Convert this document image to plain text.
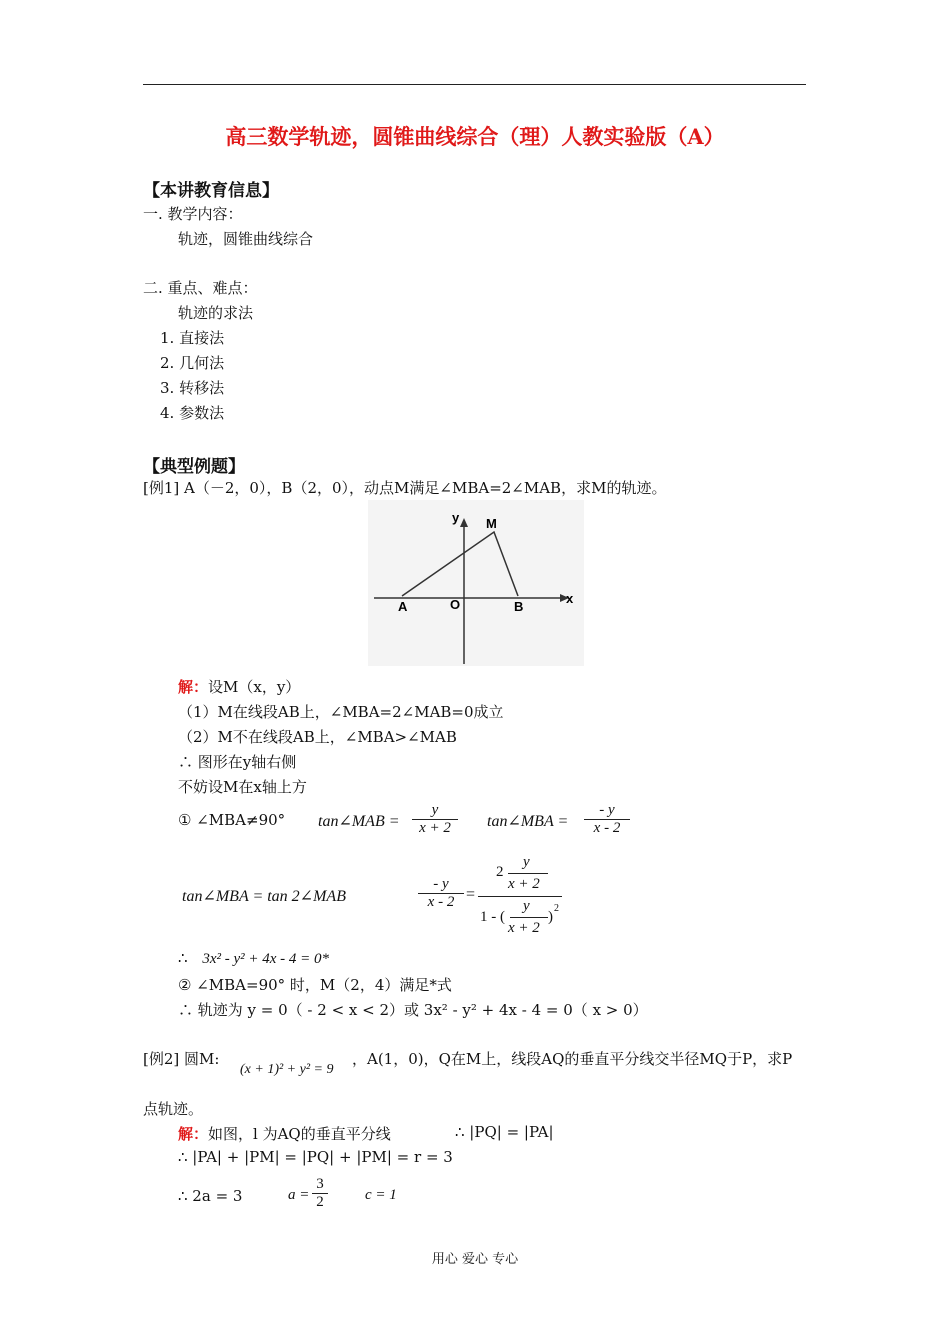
高三数学轨迹，圆锥曲线综合（理）人教实验版（A）
【本讲教育信息】
一. 教学内容：
轨迹，圆锥曲线综合
二. 重点、难点：
轨迹的求法
1. 直接法
2. 几何法
3. 转移法
4. 参数法
【典型例题】
[例1] A（－2，0），B（2，0），动点M满足∠MBA=2∠MAB，求M的轨迹。
y M
A	O	B
x
解：设M（x，y）
（1）M在线段AB上，∠MBA=2∠MAB=0成立
（2）M不在线段AB上，∠MBA>∠MAB
∴ 图形在y轴右侧
不妨设M在x轴上方
① ∠MBA≠90° tan∠MAB = $\frac{y}{x + 2}$ tan∠MBA = $\frac{- y}{x - 2}$
tan∠MBA = tan 2∠MAB	$\frac{- y}{x - 2}$ =
2
y
x + 2
1 - (
y
x + 2
)
2
∴ 3x² - y² + 4x - 4 = 0*
② ∠MBA=90° 时，M（2，4）满足*式
∴ 轨迹为 y = 0（ - 2 < x < 2）或 3x² - y² + 4x - 4 = 0（ x > 0）
[例2] 圆M:
(x + 1)² + y² = 9
，A(1，0)，Q在M上，线段AQ的垂直平分线交半径MQ于P，求P
点轨迹。
解：如图，l 为AQ的垂直平分线	∴ |PQ| = |PA|
∴ |PA| + |PM| = |PQ| + |PM| = r = 3
∴ 2a = 3	$a = \frac{3}{2}$ c = 1
用心 爱心 专心
